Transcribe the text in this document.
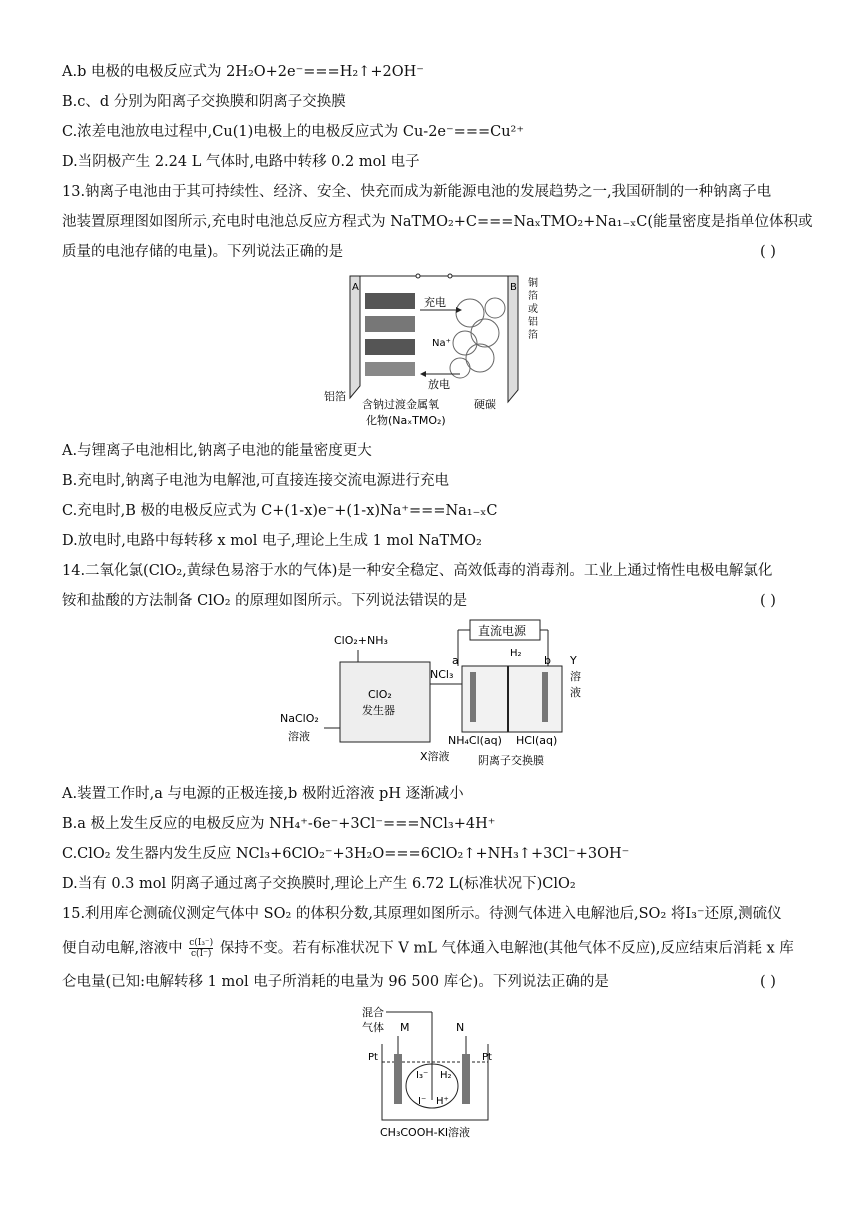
A.b 电极的电极反应式为 2H₂O+2e⁻===H₂↑+2OH⁻
B.c、d 分别为阳离子交换膜和阴离子交换膜
C.浓差电池放电过程中,Cu(1)电极上的电极反应式为 Cu-2e⁻===Cu²⁺
D.当阴极产生 2.24 L 气体时,电路中转移 0.2 mol 电子
13.钠离子电池由于其可持续性、经济、安全、快充而成为新能源电池的发展趋势之一,我国研制的一种钠离子电
池装置原理图如图所示,充电时电池总反应方程式为 NaTMO₂+C===NaₓTMO₂+Na₁₋ₓC(能量密度是指单位体积或
质量的电池存储的电量)。下列说法正确的是	( )
A	B
充电
放电
Na⁺
铜箔或铝箔
铝箔
硬碳
含钠过渡金属氧
化物(NaₓTMO₂)
A.与锂离子电池相比,钠离子电池的能量密度更大
B.充电时,钠离子电池为电解池,可直接连接交流电源进行充电
C.充电时,B 极的电极反应式为 C+(1-x)e⁻+(1-x)Na⁺===Na₁₋ₓC
D.放电时,电路中每转移 x mol 电子,理论上生成 1 mol NaTMO₂
14.二氧化氯(ClO₂,黄绿色易溶于水的气体)是一种安全稳定、高效低毒的消毒剂。工业上通过惰性电极电解氯化
铵和盐酸的方法制备 ClO₂ 的原理如图所示。下列说法错误的是	( )
直流电源
ClO₂
发生器
ClO₂+NH₃
NaClO₂
溶液
a	b
H₂
NCl₃
Y 溶 液
X溶液
NH₄Cl(aq) HCl(aq)
阴离子交换膜
A.装置工作时,a 与电源的正极连接,b 极附近溶液 pH 逐渐减小
B.a 极上发生反应的电极反应为 NH₄⁺-6e⁻+3Cl⁻===NCl₃+4H⁺
C.ClO₂ 发生器内发生反应 NCl₃+6ClO₂⁻+3H₂O===6ClO₂↑+NH₃↑+3Cl⁻+3OH⁻
D.当有 0.3 mol 阴离子通过离子交换膜时,理论上产生 6.72 L(标准状况下)ClO₂
15.利用库仑测硫仪测定气体中 SO₂ 的体积分数,其原理如图所示。待测气体进入电解池后,SO₂ 将I₃⁻还原,测硫仪
便自动电解,溶液中 $\frac{\text{c(I₃⁻)}}{c(I^-)}$ 保持不变。若有标准状况下 V mL 气体通入电解池(其他气体不反应),反应结束后消耗 x 库
仑电量(已知:电解转移 1 mol 电子所消耗的电量为 96 500 库仑)。下列说法正确的是	( )
混合
气体 M	N
Pt	Pt
I₃⁻ H₂
I⁻ H⁺
CH₃COOH-KI溶液
